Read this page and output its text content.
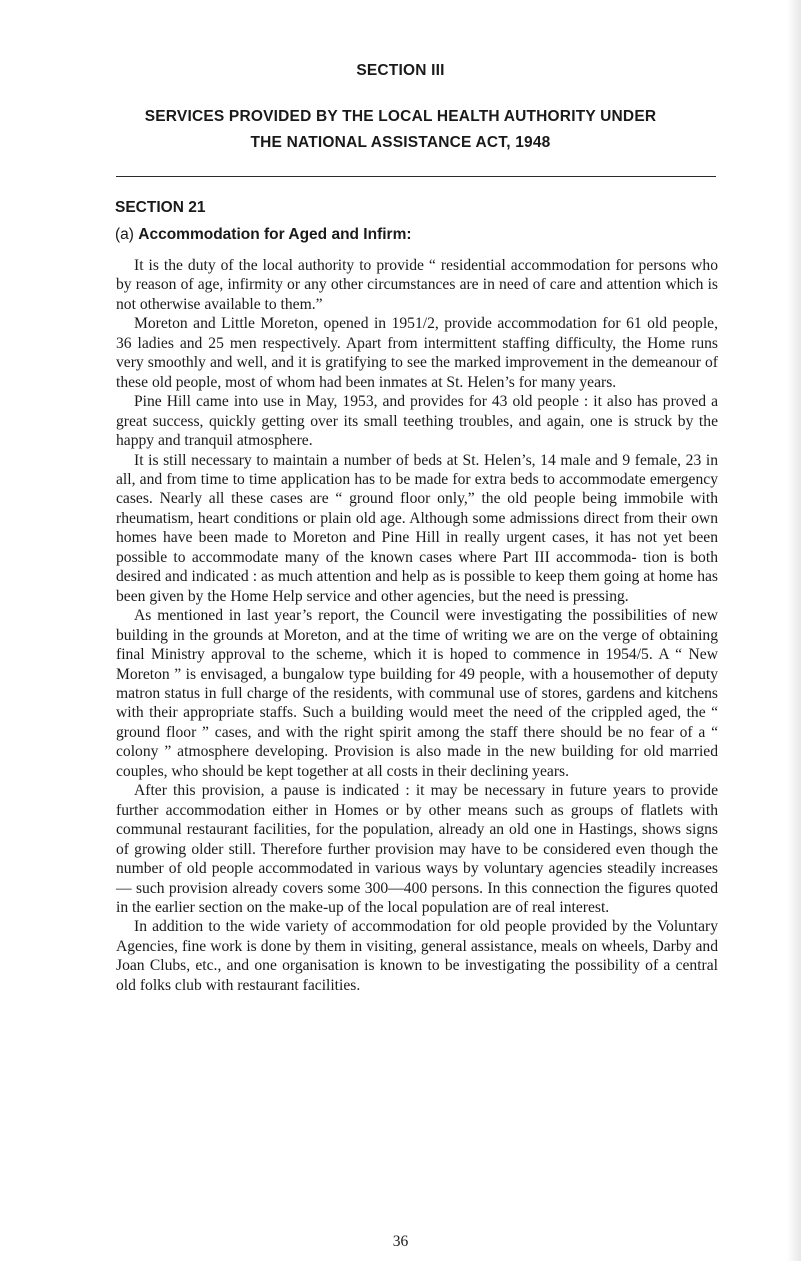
SECTION III
SERVICES PROVIDED BY THE LOCAL HEALTH AUTHORITY UNDER
THE NATIONAL ASSISTANCE ACT, 1948
SECTION 21
(a) Accommodation for Aged and Infirm:

It is the duty of the local authority to provide “ residential accommodation for persons who by reason of age, infirmity or any other circumstances are in need of care and attention which is not otherwise available to them.”

Moreton and Little Moreton, opened in 1951/2, provide accommodation for 61 old people, 36 ladies and 25 men respectively. Apart from intermittent staffing difficulty, the Home runs very smoothly and well, and it is gratifying to see the marked improvement in the demeanour of these old people, most of whom had been inmates at St. Helen’s for many years.

Pine Hill came into use in May, 1953, and provides for 43 old people : it also has proved a great success, quickly getting over its small teething troubles, and again, one is struck by the happy and tranquil atmosphere.

It is still necessary to maintain a number of beds at St. Helen’s, 14 male and 9 female, 23 in all, and from time to time application has to be made for extra beds to accommodate emergency cases. Nearly all these cases are “ ground floor only,” the old people being immobile with rheumatism, heart conditions or plain old age. Although some admissions direct from their own homes have been made to Moreton and Pine Hill in really urgent cases, it has not yet been possible to accommodate many of the known cases where Part III accommoda- tion is both desired and indicated : as much attention and help as is possible to keep them going at home has been given by the Home Help service and other agencies, but the need is pressing.

As mentioned in last year’s report, the Council were investigating the possibilities of new building in the grounds at Moreton, and at the time of writing we are on the verge of obtaining final Ministry approval to the scheme, which it is hoped to commence in 1954/5. A “ New Moreton ” is envisaged, a bungalow type building for 49 people, with a housemother of deputy matron status in full charge of the residents, with communal use of stores, gardens and kitchens with their appropriate staffs. Such a building would meet the need of the crippled aged, the “ ground floor ” cases, and with the right spirit among the staff there should be no fear of a “ colony ” atmosphere developing. Provision is also made in the new building for old married couples, who should be kept together at all costs in their declining years.

After this provision, a pause is indicated : it may be necessary in future years to provide further accommodation either in Homes or by other means such as groups of flatlets with communal restaurant facilities, for the population, already an old one in Hastings, shows signs of growing older still. Therefore further provision may have to be considered even though the number of old people accommodated in various ways by voluntary agencies steadily increases— such provision already covers some 300—400 persons. In this connection the figures quoted in the earlier section on the make-up of the local population are of real interest.

In addition to the wide variety of accommodation for old people provided by the Voluntary Agencies, fine work is done by them in visiting, general assistance, meals on wheels, Darby and Joan Clubs, etc., and one organisation is known to be investigating the possibility of a central old folks club with restaurant facilities.

36
